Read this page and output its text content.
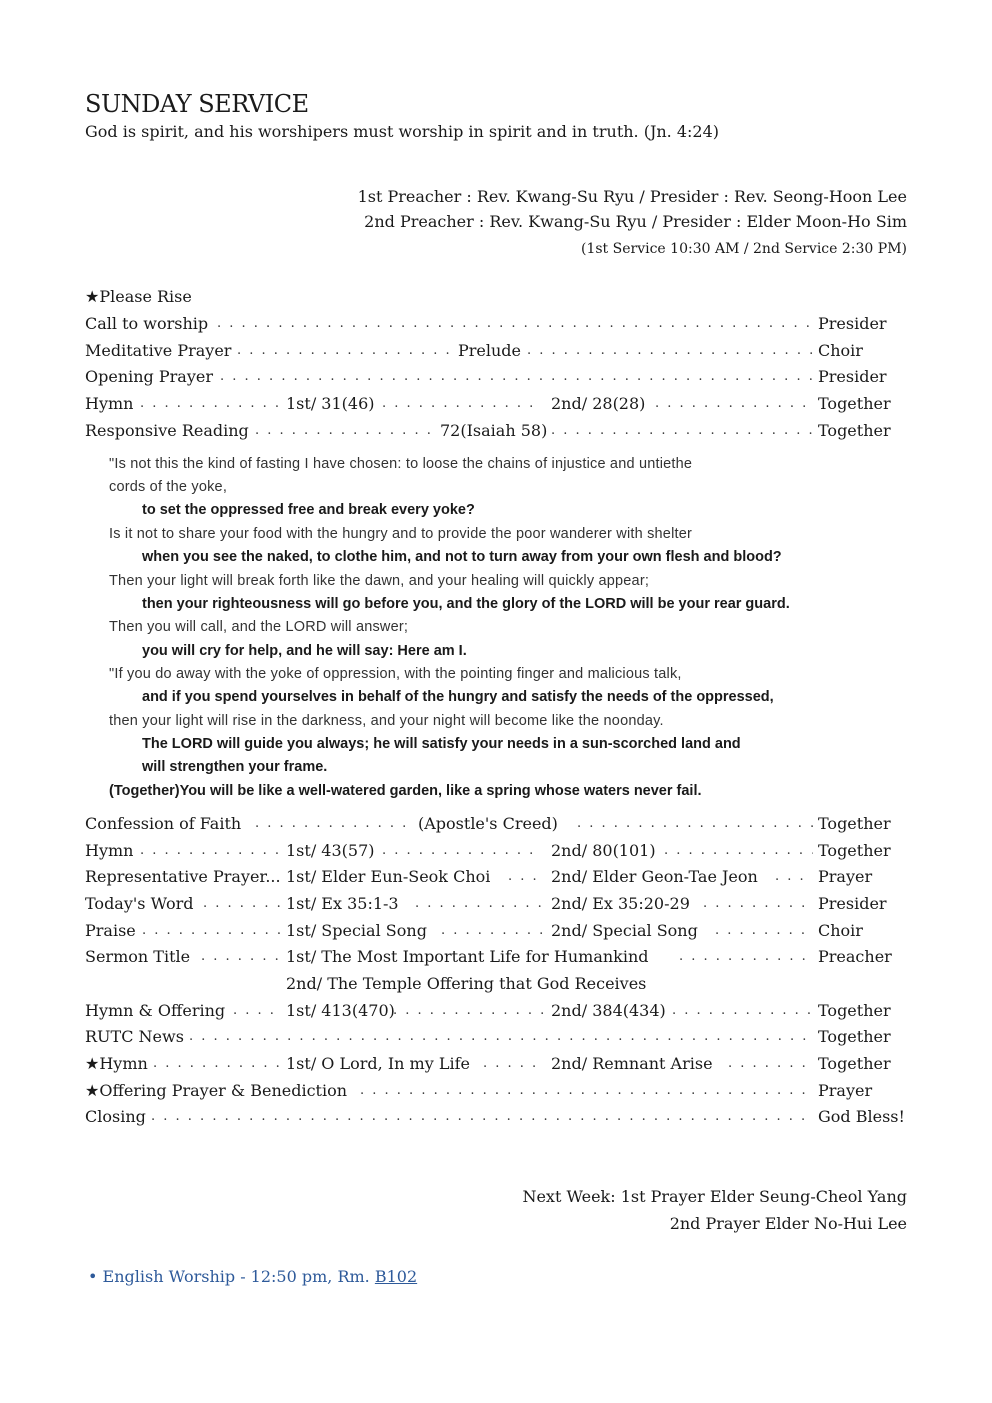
SUNDAY SERVICE
God is spirit, and his worshipers must worship in spirit and in truth. (Jn. 4:24)
1st Preacher : Rev. Kwang-Su Ryu / Presider : Rev. Seong-Hoon Lee
2nd Preacher : Rev. Kwang-Su Ryu / Presider : Elder Moon-Ho Sim
(1st Service 10:30 AM / 2nd Service 2:30 PM)
★Please Rise
Call to worship . . .	Presider
Meditative Prayer . . .	Prelude . . .	Choir
Opening Prayer . . .	Presider
Hymn . . .	1st/ 31(46) . . .	2nd/ 28(28) . . .	Together
Responsive Reading . . .	72(Isaiah 58) . . .	Together
"Is not this the kind of fasting I have chosen: to loose the chains of injustice and untiethe
cords of the yoke,
to set the oppressed free and break every yoke?
Is it not to share your food with the hungry and to provide the poor wanderer with shelter
when you see the naked, to clothe him, and not to turn away from your own flesh and blood?
Then your light will break forth like the dawn, and your healing will quickly appear;
then your righteousness will go before you, and the glory of the LORD will be your rear guard.
Then you will call, and the LORD will answer;
you will cry for help, and he will say: Here am I.
"If you do away with the yoke of oppression, with the pointing finger and malicious talk,
and if you spend yourselves in behalf of the hungry and satisfy the needs of the oppressed,
then your light will rise in the darkness, and your night will become like the noonday.
The LORD will guide you always; he will satisfy your needs in a sun-scorched land and
will strengthen your frame.
(Together)You will be like a well-watered garden, like a spring whose waters never fail.
Confession of Faith . . .	(Apostle's Creed) . . .	Together
Hymn . . .	1st/ 43(57) . . .	2nd/ 80(101) . . .	Together
Representative Prayer... 1st/ Elder Eun-Seok Choi . . .	2nd/ Elder Geon-Tae Jeon . . .	Prayer
Today's Word . . .	1st/ Ex 35:1-3 . . .	2nd/ Ex 35:20-29 . . .	Presider
Praise . . .	1st/ Special Song . . .	2nd/ Special Song . . .	Choir
Sermon Title . . .	1st/ The Most Important Life for Humankind . . .	Preacher
2nd/ The Temple Offering that God Receives
Hymn & Offering . . .	1st/ 413(470) . . .	2nd/ 384(434) . . .	Together
RUTC News . . .	Together
★Hymn . . .	1st/ O Lord, In my Life . . .	2nd/ Remnant Arise . . .	Together
★Offering Prayer & Benediction . . .	Prayer
Closing . . .	God Bless!
Next Week: 1st Prayer Elder Seung-Cheol Yang
2nd Prayer Elder No-Hui Lee
• English Worship - 12:50 pm, Rm. B102
